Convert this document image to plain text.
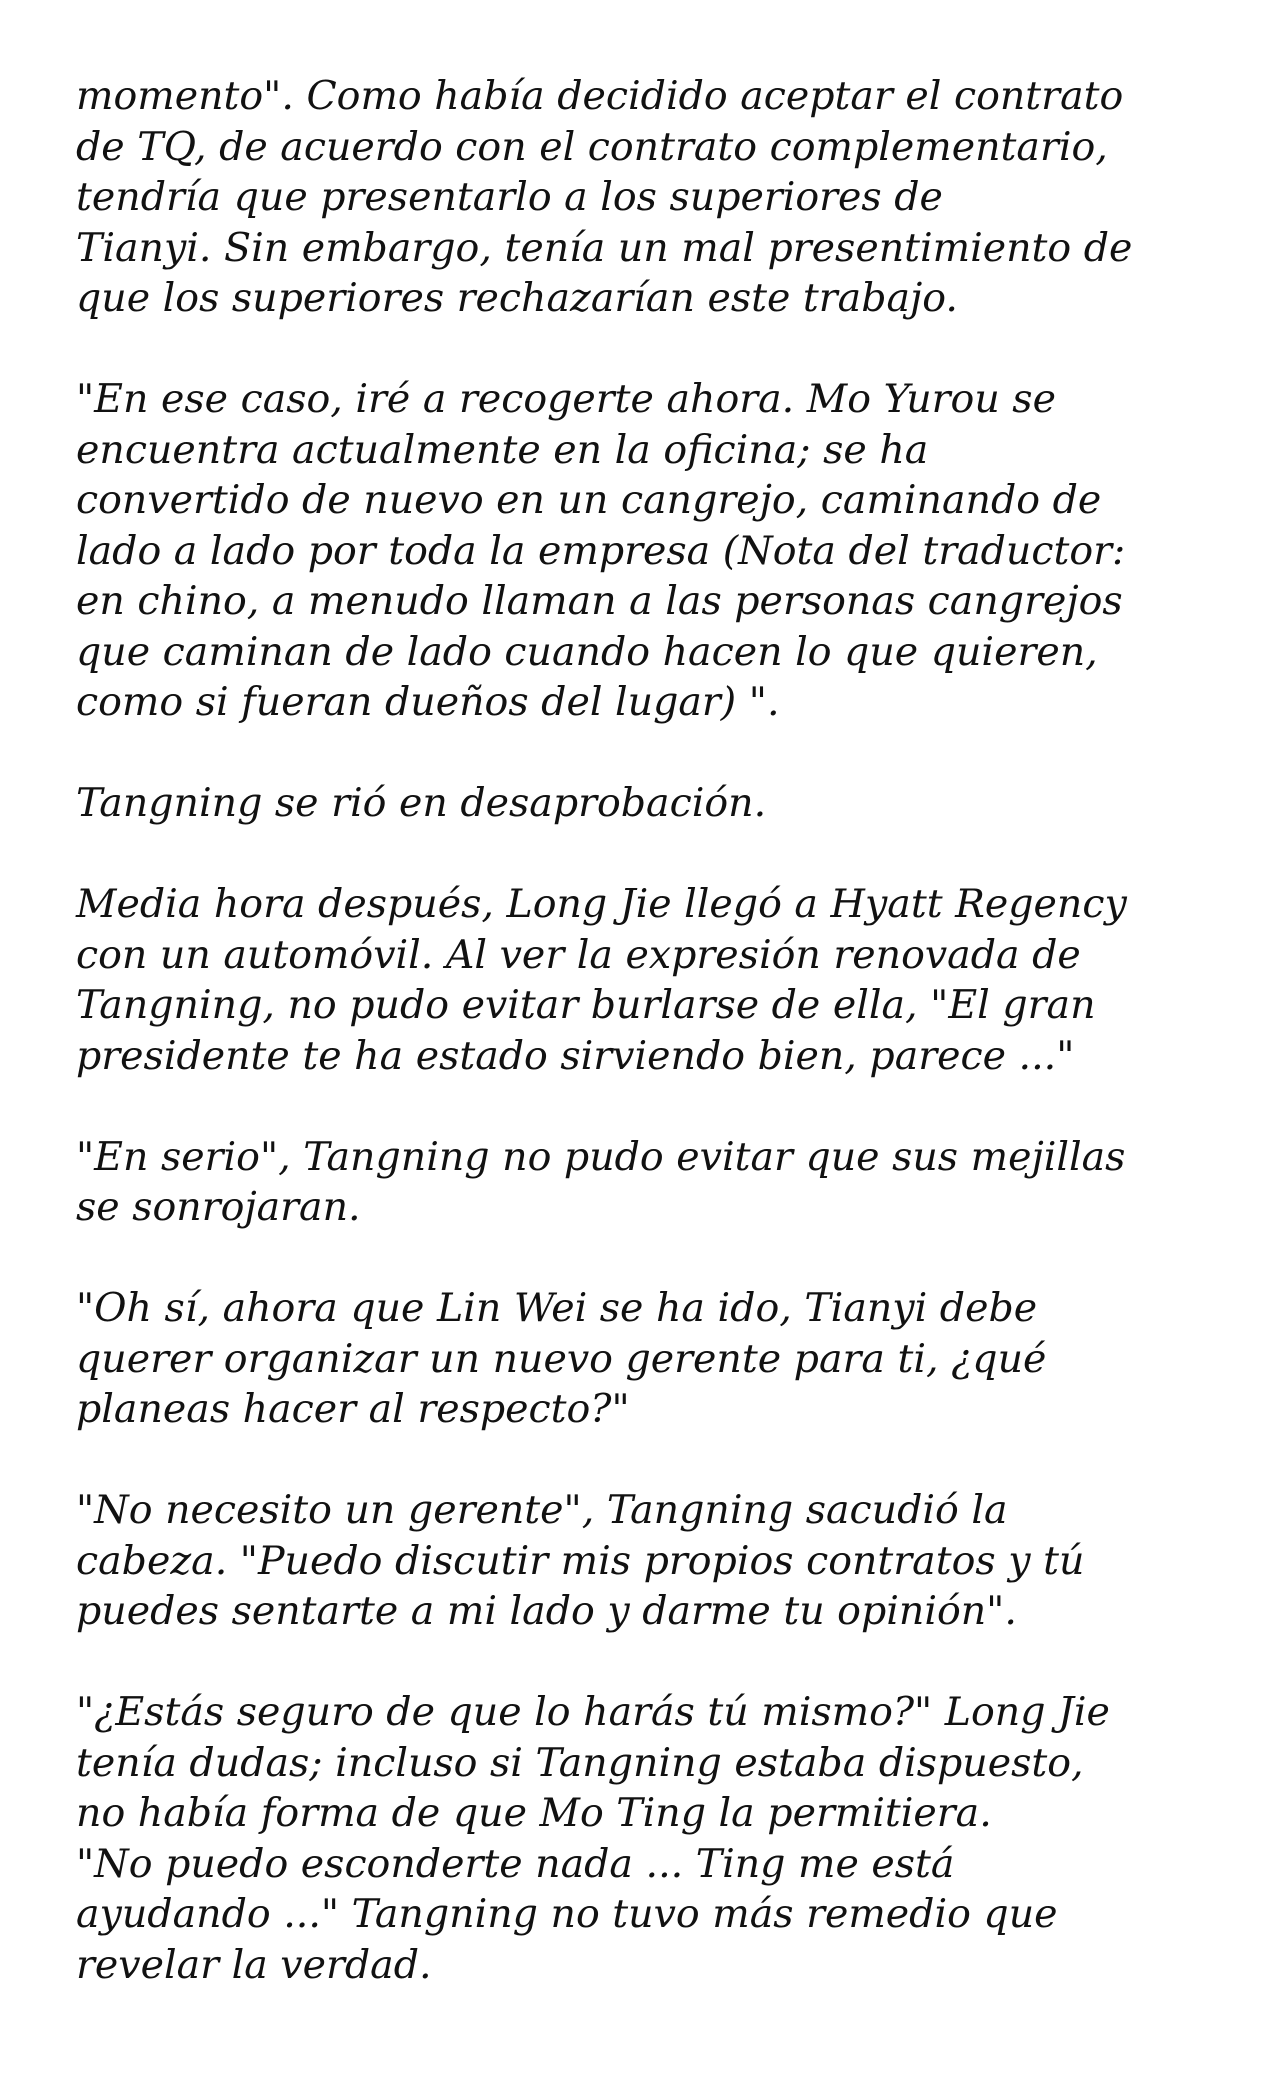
momento". Como había decidido aceptar el contrato
de TQ, de acuerdo con el contrato complementario,
tendría que presentarlo a los superiores de
Tianyi. Sin embargo, tenía un mal presentimiento de
que los superiores rechazarían este trabajo.

"En ese caso, iré a recogerte ahora. Mo Yurou se
encuentra actualmente en la oficina; se ha
convertido de nuevo en un cangrejo, caminando de
lado a lado por toda la empresa (Nota del traductor:
en chino, a menudo llaman a las personas cangrejos
que caminan de lado cuando hacen lo que quieren,
como si fueran dueños del lugar) ".

Tangning se rió en desaprobación.

Media hora después, Long Jie llegó a Hyatt Regency
con un automóvil. Al ver la expresión renovada de
Tangning, no pudo evitar burlarse de ella, "El gran
presidente te ha estado sirviendo bien, parece ..."

"En serio", Tangning no pudo evitar que sus mejillas
se sonrojaran.

"Oh sí, ahora que Lin Wei se ha ido, Tianyi debe
querer organizar un nuevo gerente para ti, ¿qué
planeas hacer al respecto?"

"No necesito un gerente", Tangning sacudió la
cabeza. "Puedo discutir mis propios contratos y tú
puedes sentarte a mi lado y darme tu opinión".

"¿Estás seguro de que lo harás tú mismo?" Long Jie
tenía dudas; incluso si Tangning estaba dispuesto,
no había forma de que Mo Ting la permitiera.
"No puedo esconderte nada ... Ting me está
ayudando ..." Tangning no tuvo más remedio que
revelar la verdad.
